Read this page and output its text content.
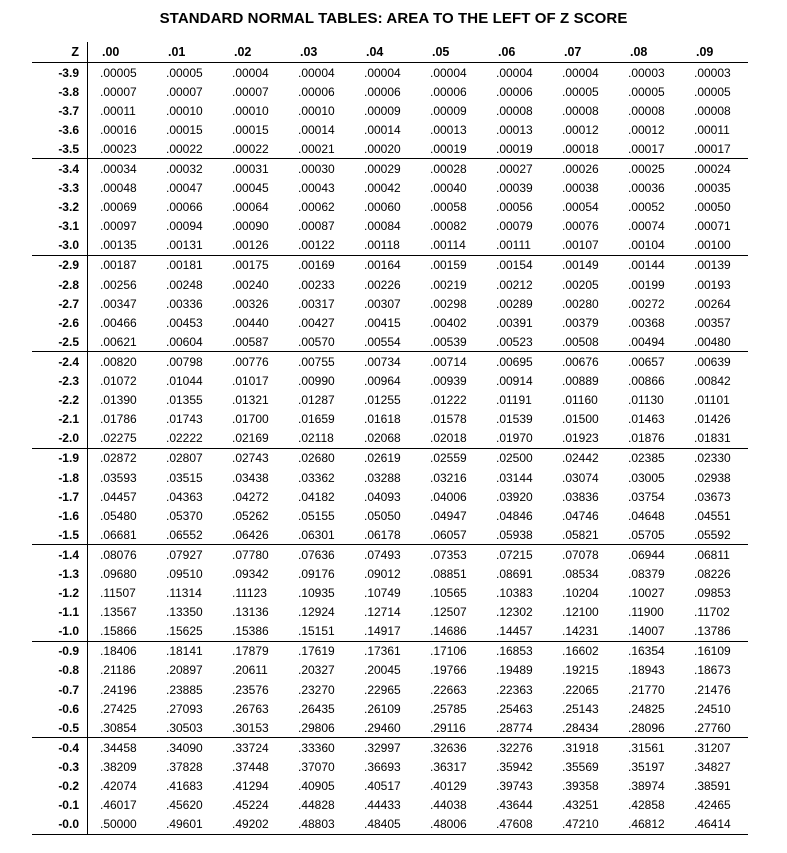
STANDARD NORMAL TABLES: AREA TO THE LEFT OF Z SCORE
Z	.00	.01	.02	.03	.04	.05	.06	.07	.08	.09
-3.9	.00005	.00005	.00004	.00004	.00004	.00004	.00004	.00004	.00003	.00003
-3.8	.00007	.00007	.00007	.00006	.00006	.00006	.00006	.00005	.00005	.00005
-3.7	.00011	.00010	.00010	.00010	.00009	.00009	.00008	.00008	.00008	.00008
-3.6	.00016	.00015	.00015	.00014	.00014	.00013	.00013	.00012	.00012	.00011
-3.5	.00023	.00022	.00022	.00021	.00020	.00019	.00019	.00018	.00017	.00017
-3.4	.00034	.00032	.00031	.00030	.00029	.00028	.00027	.00026	.00025	.00024
-3.3	.00048	.00047	.00045	.00043	.00042	.00040	.00039	.00038	.00036	.00035
-3.2	.00069	.00066	.00064	.00062	.00060	.00058	.00056	.00054	.00052	.00050
-3.1	.00097	.00094	.00090	.00087	.00084	.00082	.00079	.00076	.00074	.00071
-3.0	.00135	.00131	.00126	.00122	.00118	.00114	.00111	.00107	.00104	.00100
-2.9	.00187	.00181	.00175	.00169	.00164	.00159	.00154	.00149	.00144	.00139
-2.8	.00256	.00248	.00240	.00233	.00226	.00219	.00212	.00205	.00199	.00193
-2.7	.00347	.00336	.00326	.00317	.00307	.00298	.00289	.00280	.00272	.00264
-2.6	.00466	.00453	.00440	.00427	.00415	.00402	.00391	.00379	.00368	.00357
-2.5	.00621	.00604	.00587	.00570	.00554	.00539	.00523	.00508	.00494	.00480
-2.4	.00820	.00798	.00776	.00755	.00734	.00714	.00695	.00676	.00657	.00639
-2.3	.01072	.01044	.01017	.00990	.00964	.00939	.00914	.00889	.00866	.00842
-2.2	.01390	.01355	.01321	.01287	.01255	.01222	.01191	.01160	.01130	.01101
-2.1	.01786	.01743	.01700	.01659	.01618	.01578	.01539	.01500	.01463	.01426
-2.0	.02275	.02222	.02169	.02118	.02068	.02018	.01970	.01923	.01876	.01831
-1.9	.02872	.02807	.02743	.02680	.02619	.02559	.02500	.02442	.02385	.02330
-1.8	.03593	.03515	.03438	.03362	.03288	.03216	.03144	.03074	.03005	.02938
-1.7	.04457	.04363	.04272	.04182	.04093	.04006	.03920	.03836	.03754	.03673
-1.6	.05480	.05370	.05262	.05155	.05050	.04947	.04846	.04746	.04648	.04551
-1.5	.06681	.06552	.06426	.06301	.06178	.06057	.05938	.05821	.05705	.05592
-1.4	.08076	.07927	.07780	.07636	.07493	.07353	.07215	.07078	.06944	.06811
-1.3	.09680	.09510	.09342	.09176	.09012	.08851	.08691	.08534	.08379	.08226
-1.2	.11507	.11314	.11123	.10935	.10749	.10565	.10383	.10204	.10027	.09853
-1.1	.13567	.13350	.13136	.12924	.12714	.12507	.12302	.12100	.11900	.11702
-1.0	.15866	.15625	.15386	.15151	.14917	.14686	.14457	.14231	.14007	.13786
-0.9	.18406	.18141	.17879	.17619	.17361	.17106	.16853	.16602	.16354	.16109
-0.8	.21186	.20897	.20611	.20327	.20045	.19766	.19489	.19215	.18943	.18673
-0.7	.24196	.23885	.23576	.23270	.22965	.22663	.22363	.22065	.21770	.21476
-0.6	.27425	.27093	.26763	.26435	.26109	.25785	.25463	.25143	.24825	.24510
-0.5	.30854	.30503	.30153	.29806	.29460	.29116	.28774	.28434	.28096	.27760
-0.4	.34458	.34090	.33724	.33360	.32997	.32636	.32276	.31918	.31561	.31207
-0.3	.38209	.37828	.37448	.37070	.36693	.36317	.35942	.35569	.35197	.34827
-0.2	.42074	.41683	.41294	.40905	.40517	.40129	.39743	.39358	.38974	.38591
-0.1	.46017	.45620	.45224	.44828	.44433	.44038	.43644	.43251	.42858	.42465
-0.0	.50000	.49601	.49202	.48803	.48405	.48006	.47608	.47210	.46812	.46414
